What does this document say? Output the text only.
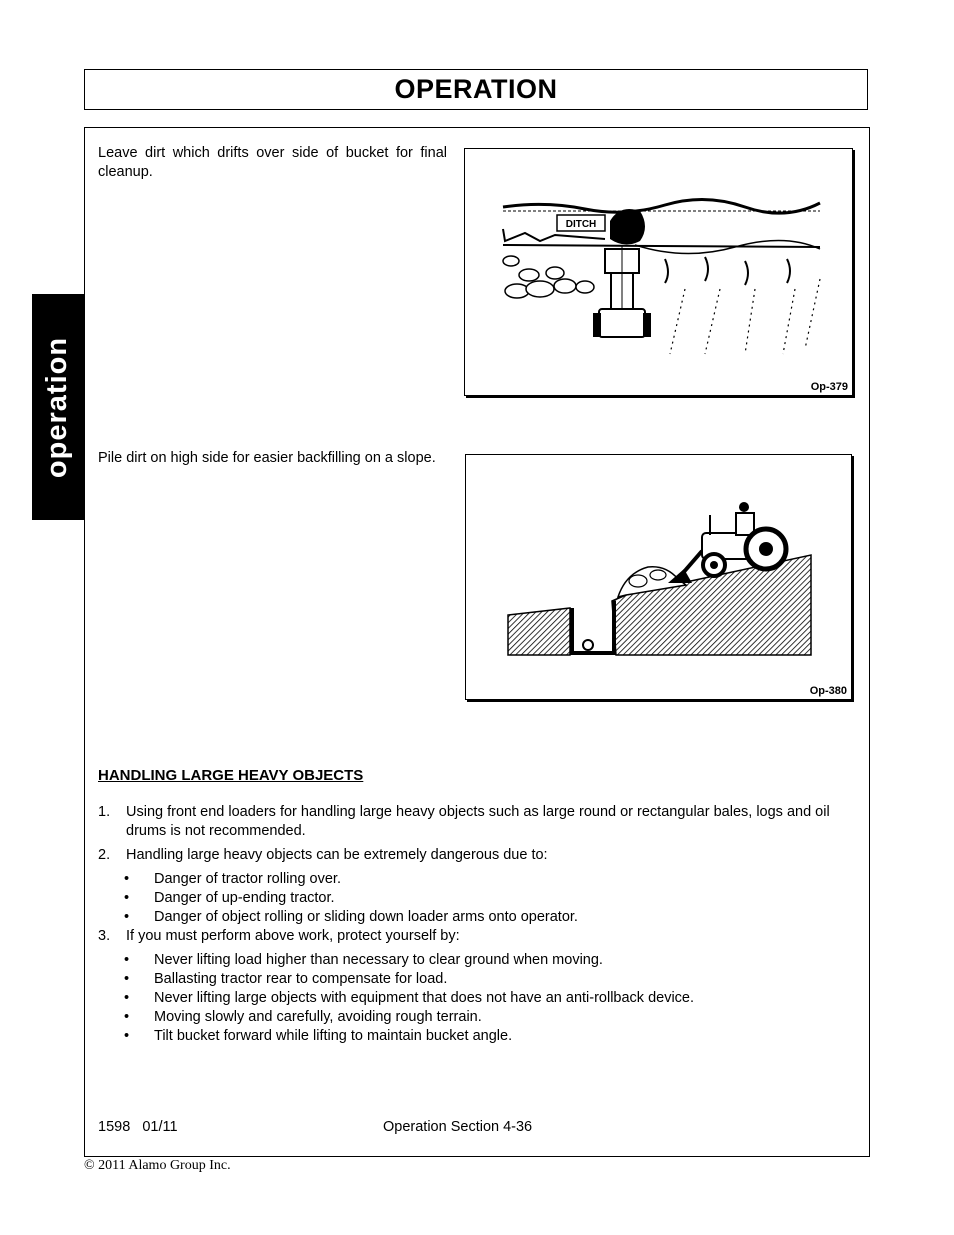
OPERATION
operation
Leave dirt which drifts over side of bucket for final cleanup.
DITCH
Op-379
Pile dirt on high side for easier backfilling on a slope.
Op-380
HANDLING LARGE HEAVY OBJECTS
1. Using front end loaders for handling large heavy objects such as large round or rectangular bales, logs and oil drums is not recommended.
2. Handling large heavy objects can be extremely dangerous due to:
• Danger of tractor rolling over.
• Danger of up-ending tractor.
• Danger of object rolling or sliding down loader arms onto operator.
3. If you must perform above work, protect yourself by:
• Never lifting load higher than necessary to clear ground when moving.
• Ballasting tractor rear to compensate for load.
• Never lifting large objects with equipment that does not have an anti-rollback device.
• Moving slowly and carefully, avoiding rough terrain.
• Tilt bucket forward while lifting to maintain bucket angle.
1598   01/11	Operation Section 4-36
© 2011 Alamo Group Inc.
